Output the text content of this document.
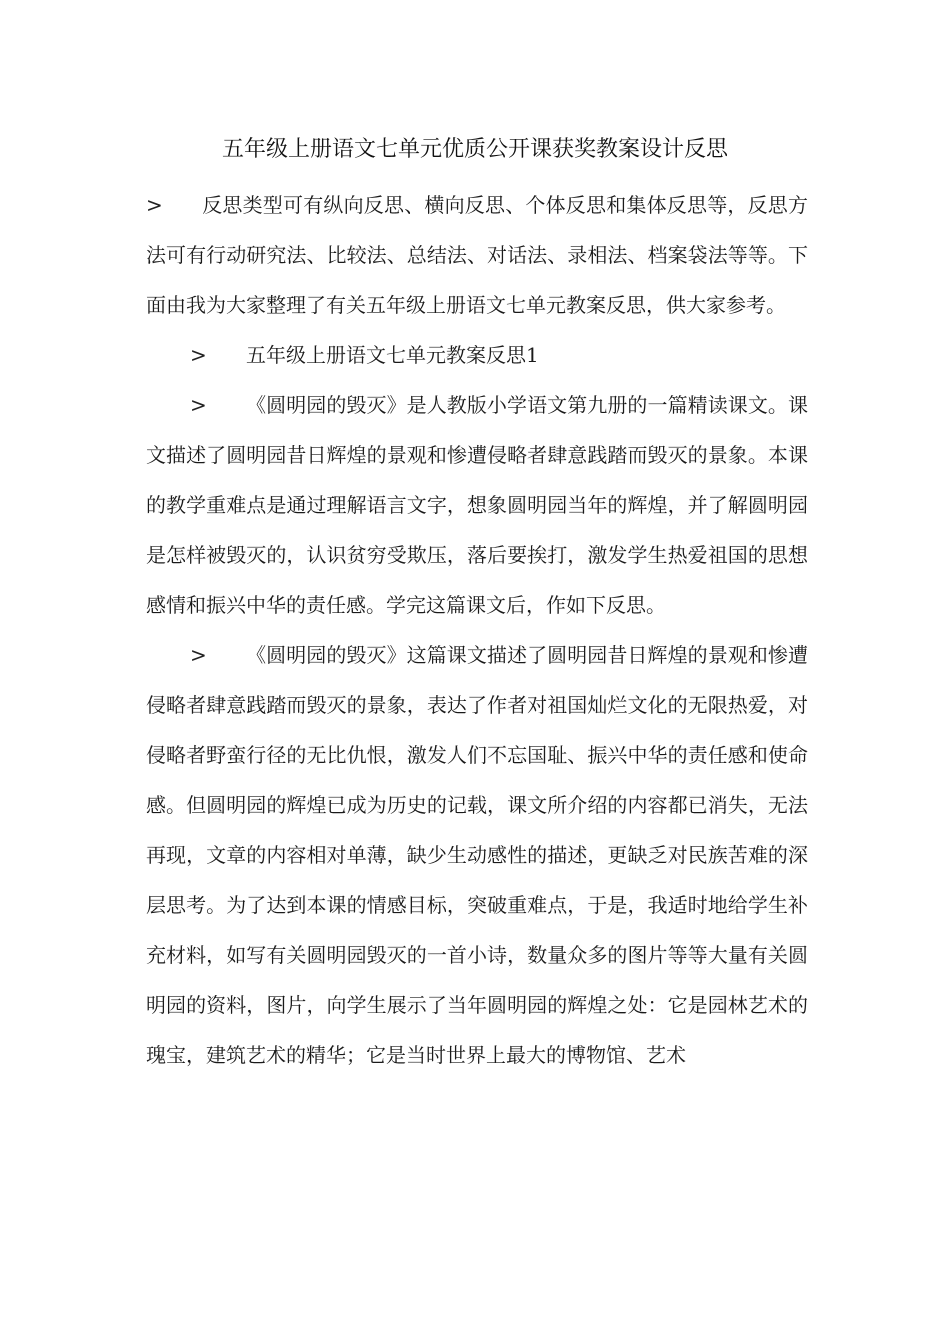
五年级上册语文七单元优质公开课获奖教案设计反思

> 反思类型可有纵向反思、横向反思、个体反思和集体反思等，反思方法可有行动研究法、比较法、总结法、对话法、录相法、档案袋法等等。下面由我为大家整理了有关五年级上册语文七单元教案反思，供大家参考。

> 五年级上册语文七单元教案反思1

> 《圆明园的毁灭》是人教版小学语文第九册的一篇精读课文。课文描述了圆明园昔日辉煌的景观和惨遭侵略者肆意践踏而毁灭的景象。本课的教学重难点是通过理解语言文字，想象圆明园当年的辉煌，并了解圆明园是怎样被毁灭的，认识贫穷受欺压，落后要挨打，激发学生热爱祖国的思想感情和振兴中华的责任感。学完这篇课文后，作如下反思。

> 《圆明园的毁灭》这篇课文描述了圆明园昔日辉煌的景观和惨遭侵略者肆意践踏而毁灭的景象，表达了作者对祖国灿烂文化的无限热爱，对侵略者野蛮行径的无比仇恨，激发人们不忘国耻、振兴中华的责任感和使命感。但圆明园的辉煌已成为历史的记载，课文所介绍的内容都已消失，无法再现，文章的内容相对单薄，缺少生动感性的描述，更缺乏对民族苦难的深层思考。为了达到本课的情感目标，突破重难点，于是，我适时地给学生补充材料，如写有关圆明园毁灭的一首小诗，数量众多的图片等等大量有关圆明园的资料，图片，向学生展示了当年圆明园的辉煌之处：它是园林艺术的瑰宝，建筑艺术的精华；它是当时世界上最大的博物馆、艺术
